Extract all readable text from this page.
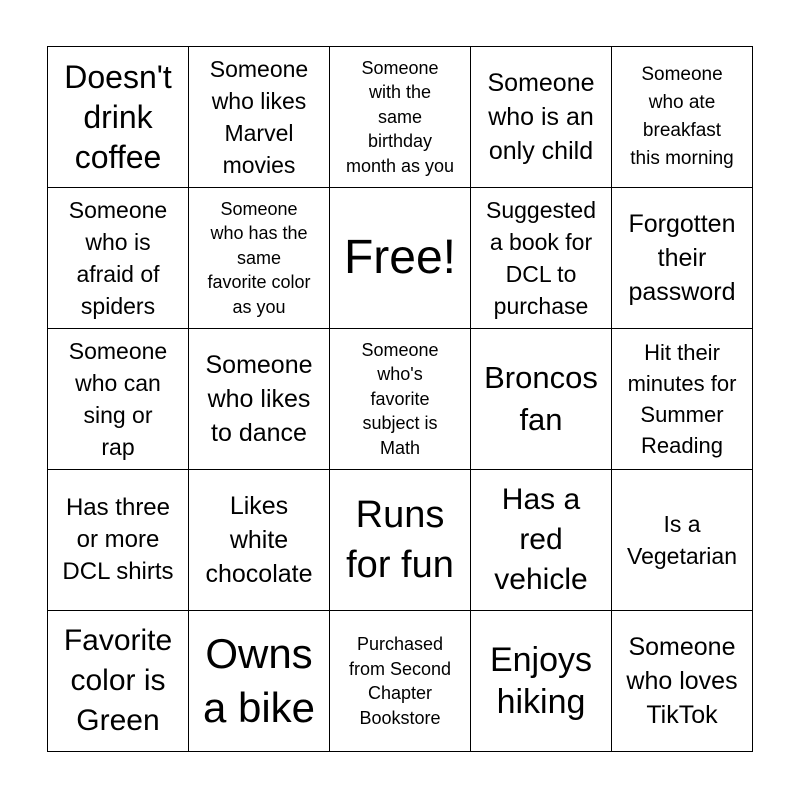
Doesn't
drink
coffee
Someone
who likes
Marvel
movies
Someone
with the
same
birthday
month as you
Someone
who is an
only child
Someone
who ate
breakfast
this morning
Someone
who is
afraid of
spiders
Someone
who has the
same
favorite color
as you
Free!
Suggested
a book for
DCL to
purchase
Forgotten
their
password
Someone
who can
sing or
rap
Someone
who likes
to dance
Someone
who's
favorite
subject is
Math
Broncos
fan
Hit their
minutes for
Summer
Reading
Has three
or more
DCL shirts
Likes
white
chocolate
Runs
for fun
Has a
red
vehicle
Is a
Vegetarian
Favorite
color is
Green
Owns
a bike
Purchased
from Second
Chapter
Bookstore
Enjoys
hiking
Someone
who loves
TikTok
